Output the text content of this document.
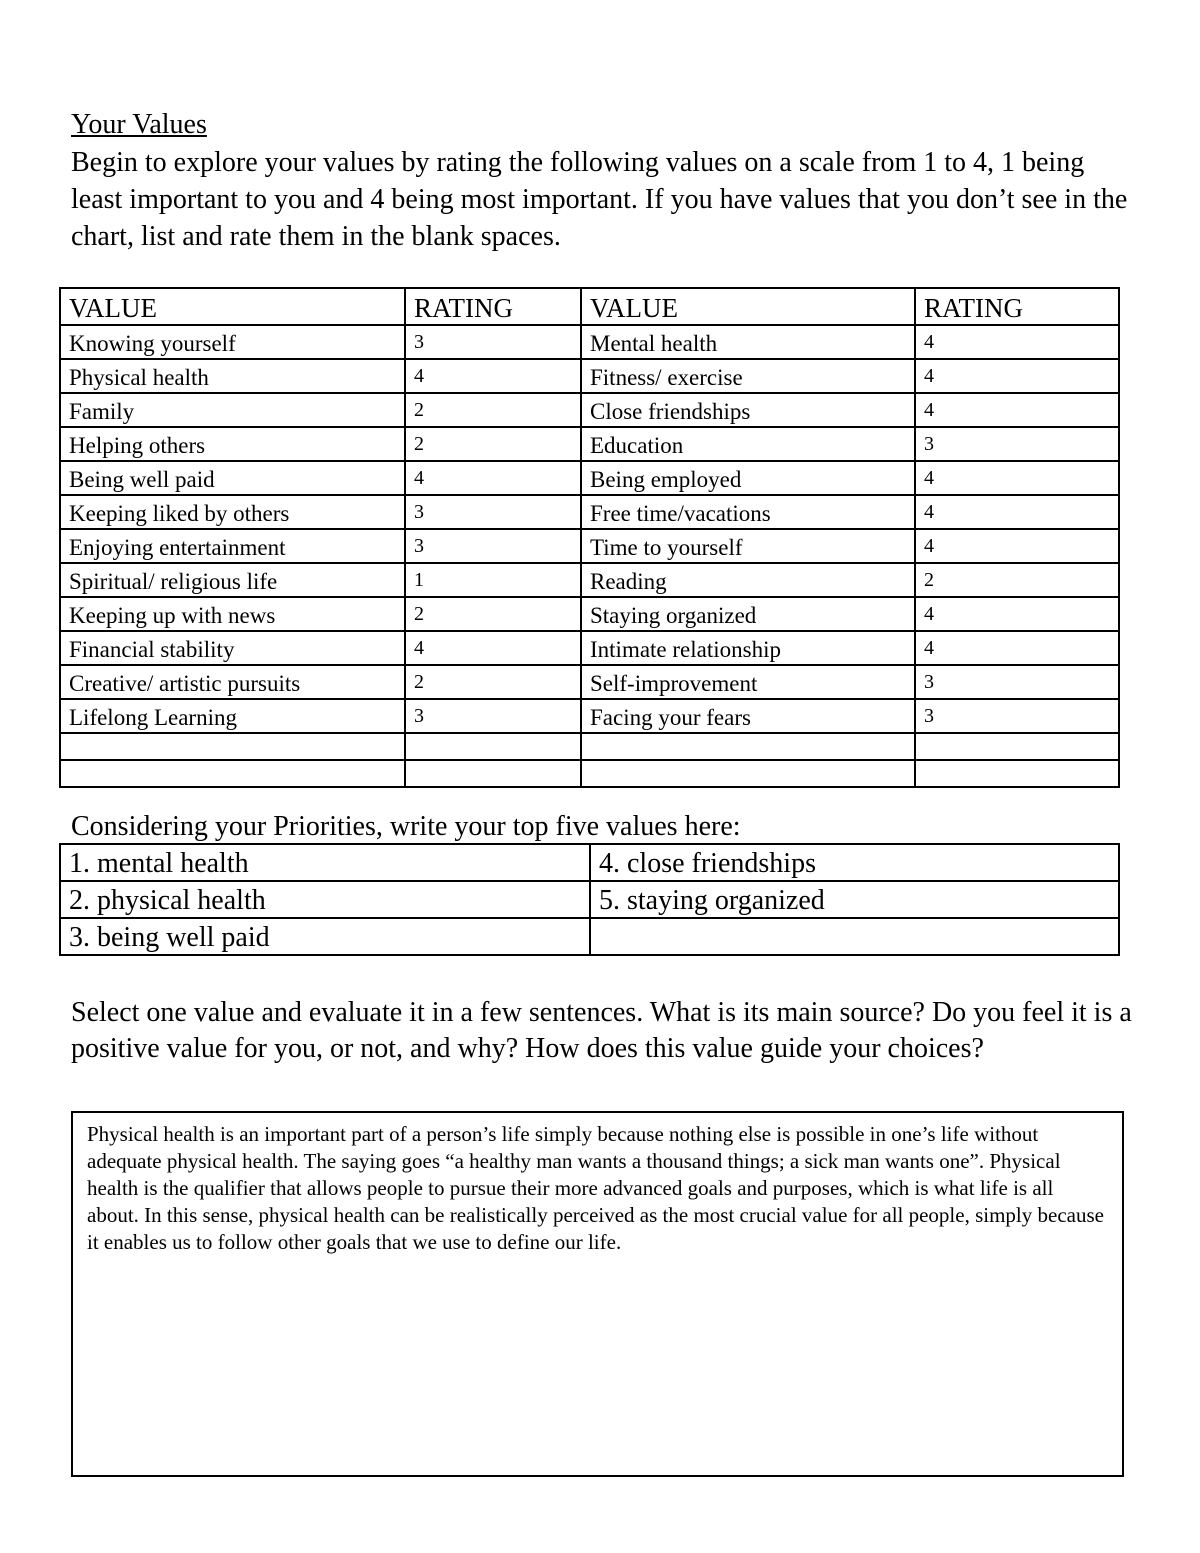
Your Values
Begin to explore your values by rating the following values on a scale from 1 to 4, 1 being least important to you and 4 being most important. If you have values that you don’t see in the chart, list and rate them in the blank spaces.
VALUE	RATING	VALUE	RATING
Knowing yourself	3	Mental health	4
Physical health	4	Fitness/ exercise	4
Family	2	Close friendships	4
Helping others	2	Education	3
Being well paid	4	Being employed	4
Keeping liked by others	3	Free time/vacations	4
Enjoying entertainment	3	Time to yourself	4
Spiritual/ religious life	1	Reading	2
Keeping up with news	2	Staying organized	4
Financial stability	4	Intimate relationship	4
Creative/ artistic pursuits	2	Self-improvement	3
Lifelong Learning	3	Facing your fears	3

Considering your Priorities, write your top five values here:
1. mental health	4. close friendships
2. physical health	5. staying organized
3. being well paid	
Select one value and evaluate it in a few sentences. What is its main source? Do you feel it is a positive value for you, or not, and why? How does this value guide your choices?
Physical health is an important part of a person’s life simply because nothing else is possible in one’s life without adequate physical health. The saying goes “a healthy man wants a thousand things; a sick man wants one”. Physical health is the qualifier that allows people to pursue their more advanced goals and purposes, which is what life is all about. In this sense, physical health can be realistically perceived as the most crucial value for all people, simply because it enables us to follow other goals that we use to define our life.
